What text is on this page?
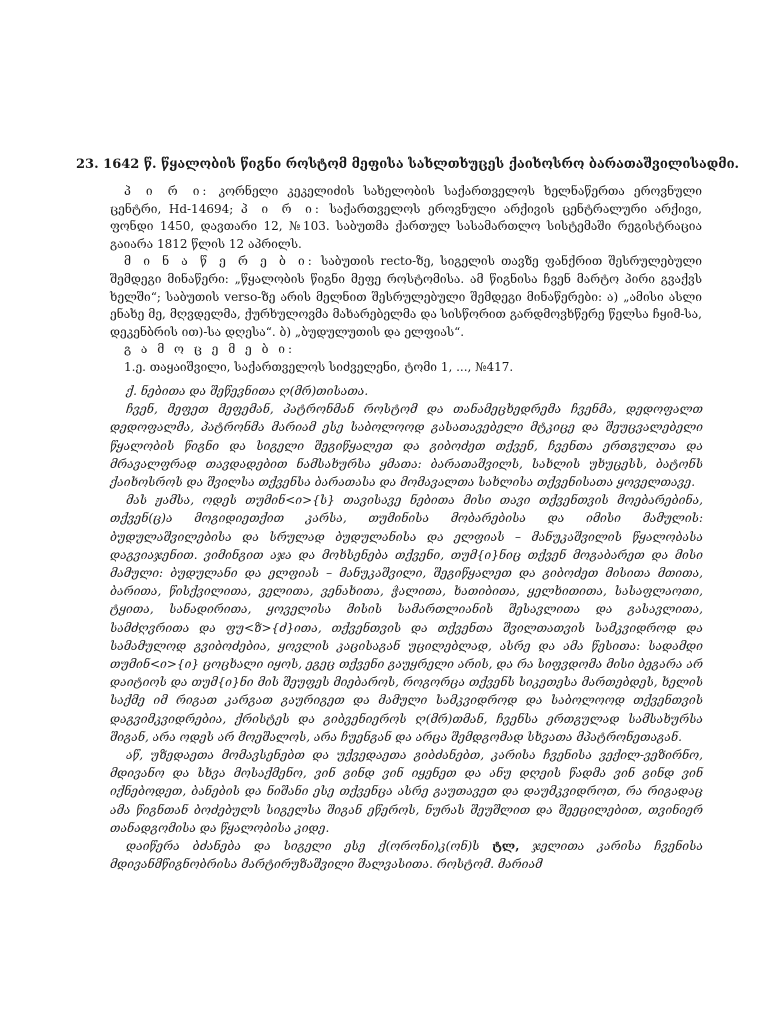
23. 1642 წ. წყალობის წიგნი როსტომ მეფისა სახლთხუცეს ქაიხოსრო ბარათაშვილისადმი.

პ ი რ ი: კორნელი კეკელიძის სახელობის საქართველოს ხელნაწერთა ეროვნული ცენტრი, Hd-14694; პ ი რ ი: საქართველოს ეროვნული არქივის ცენტრალური არქივი, ფონდი 1450, დავთარი 12, №103. საბუთმა ქართულ სასამართლო სისტემაში რეგისტრაცია გაიარა 1812 წლის 12 აპრილს.

მ ი ნ ა წ ე რ ე ბ ი: საბუთის recto-ზე, სიგელის თავზე ფანქრით შესრულებული შემდეგი მინაწერი: „წყალობის წიგნი მეფე როსტომისა. ამ წიგნისა ჩვენ მარტო პირი გვაქვს ხელში“; საბუთის verso-ზე არის მელნით შესრულებული შემდეგი მინაწერები: ა) „ამისი ასლი ენახე მე, მღვდელმა, ქურხულოვმა მახარებელმა და სისწორით გარდმოვხწერე წელსა ჩყიმ-სა, დეკენბრის ით)-სა დღესა“. ბ) „ბუდულუთის და ელფიას“.

გ ა მ ო ც ე მ ე ბ ი:

1.ე. თაყაიშვილი, საქართველოს სიძველენი, ტომი 1, ..., №417.

ქ. ნებითა და შეწევნითა ღ(მრ)თისათა.

ჩვენ, მეფეთ მეფემან, პატრონმან როსტომ და თანამეცხედრემა ჩვენმა, დედოფალთ დედოფალმა, პატრონმა მარიამ ესე საბოლოოდ გასათავებელი მტკიცე და შეუცვალებელი წყალობის წიგნი და სიგელი შეგიწყალეთ და გიბოძეთ თქვენ, ჩვენთა ერთგულთა და მრავალფრად თავდადებით ნამსახურსა ყმათა: ბარათაშვილს, სახლის უხუცესს, ბატონს ქაიხოსროს და შვილსა თქვენსა ბარათასა და მომავალთა სახლისა თქვენისათა ყოველთავე.

მას ჟამსა, ოდეს თუმინ<ი>{ს} თავისავე ნებითა მისი თავი თქვენთვის მოებარებინა, თქვენ(ც)ა მოგიდიეთქით კარსა, თუმინისა მობარებისა და იმისი მამულის: ბუდულაშვილებისა და სრულად ბუდულანისა და ელფიას – მანუკაშვილის წყალობასა დაგვიაჯენით. ვიმინგით აჯა და მოხსენება თქვენი, თუმ{ი}ნიც თქვენ მოგაბარეთ და მისი მამული: ბუდულანი და ელფიას – მანუკაშვილი, შეგიწყალეთ და გიბოძეთ მისითა მთითა, ბარითა, წისქვილითა, ველითა, ვენახითა, ჭალითა, ხათიბითა, ყელხითითა, სასაფლაოთი, ტყითა, სანადირითა, ყოველისა მისის სამართლიანის შესავლითა და გასავლითა, სამძღვრითა და ფუ<ზ>{ძ}ითა, თქვენთვის და თქვენთა შვილთათვის სამკვიდროდ და სამამულოდ გვიბოძებია, ყოვლის კაცისაგან უცილებლად, ასრე და ამა წესითა: სადამდი თუმინ<ი>{ი} ცოცხალი იყოს, ეგეც თქვენი გაუყრელი არის, და რა სიფვდომა მისი ბეგარა არ დაიტიოს და თუმ{ი}ნი მის შეუფეს მიებაროს, როგორცა თქვენს სიკეთესა მართებდეს, ხელის საქმე იმ რიგათ კარგათ გაურიგეთ და მამული სამკვიდროდ და საბოლოოდ თქვენთვის დაგვიმკვიდრებია, ქრისტეს და გიბვენიეროს ღ(მრ)თმან, ჩვენსა ერთგულად სამსახურსა შიგან, არა ოდეს არ მოეშალოს, არა ჩუენგან და არცა შემდგომად სხვათა მპატრონეთაგან.

აწ, უზედაეთა მომავსენებთ და უქვედაეთა გიბძანებთ, კარისა ჩვენისა ვექილ-ვეზირნო, მდივანო და სხვა მოსაქმენო, ვინ გინდ ვინ იყენეთ და ანუ დღეის წადმა ვინ გინდ ვინ იქნებოდეთ, ბანების და ნიშანი ესე თქვენცა ასრე გაუთავეთ და დაუმკვიდროთ, რა რიგადაც ამა წიგნთან ბოძებულს სიგელსა შიგან ეწეროს, ნურას შეუშლით და შეეცილებით, თვინიერ თანადგომისა და წყალობისა კიდე.

დაიწერა ბძანება და სიგელი ესე ქ(ორონი)კ(ონ)ს ტლ, ჯელითა კარისა ჩვენისა მდივანმწიგნობრისა მარტირუზაშვილი შალვასითა. როსტომ. მარიამ
